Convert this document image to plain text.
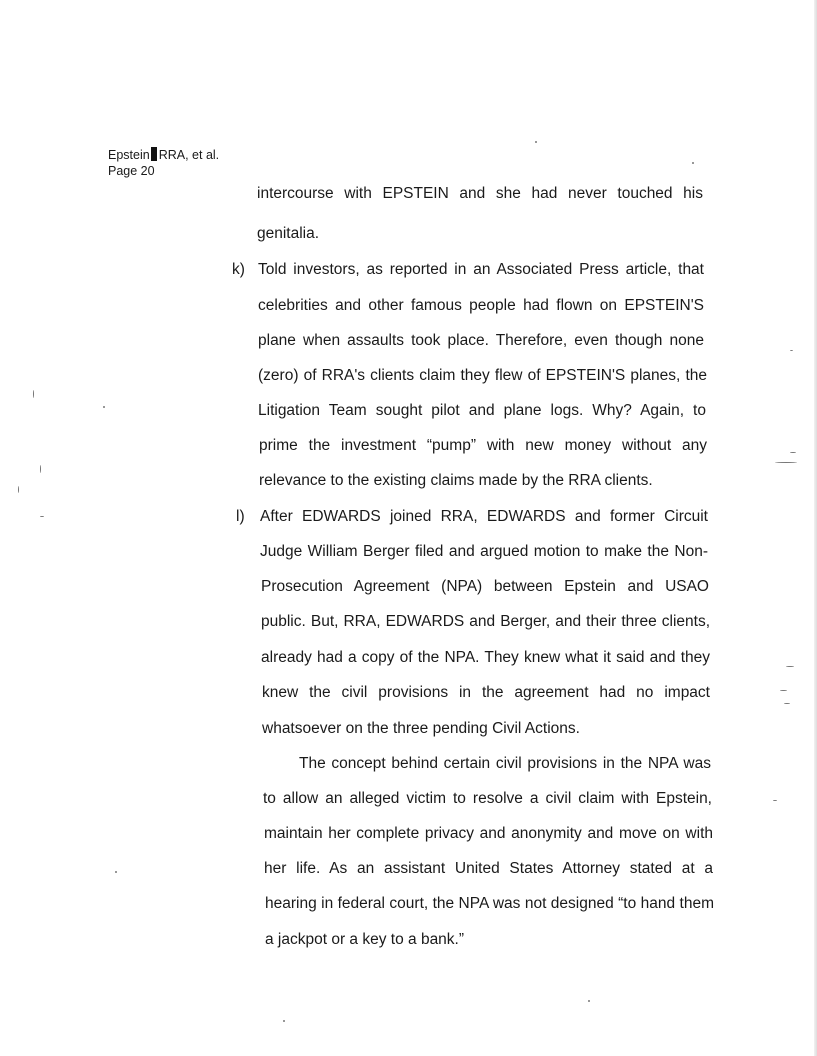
Epstein RRA, et al.
Page 20
intercourse with EPSTEIN and she had never touched his
genitalia.
k) Told investors, as reported in an Associated Press article, that
celebrities and other famous people had flown on EPSTEIN'S
plane when assaults took place. Therefore, even though none
(zero) of RRA's clients claim they flew of EPSTEIN'S planes, the
Litigation Team sought pilot and plane logs. Why? Again, to
prime the investment “pump” with new money without any
relevance to the existing claims made by the RRA clients.
l) After EDWARDS joined RRA, EDWARDS and former Circuit
Judge William Berger filed and argued motion to make the Non-
Prosecution Agreement (NPA) between Epstein and USAO
public. But, RRA, EDWARDS and Berger, and their three clients,
already had a copy of the NPA. They knew what it said and they
knew the civil provisions in the agreement had no impact
whatsoever on the three pending Civil Actions.
The concept behind certain civil provisions in the NPA was
to allow an alleged victim to resolve a civil claim with Epstein,
maintain her complete privacy and anonymity and move on with
her life. As an assistant United States Attorney stated at a
hearing in federal court, the NPA was not designed “to hand them
a jackpot or a key to a bank.”
